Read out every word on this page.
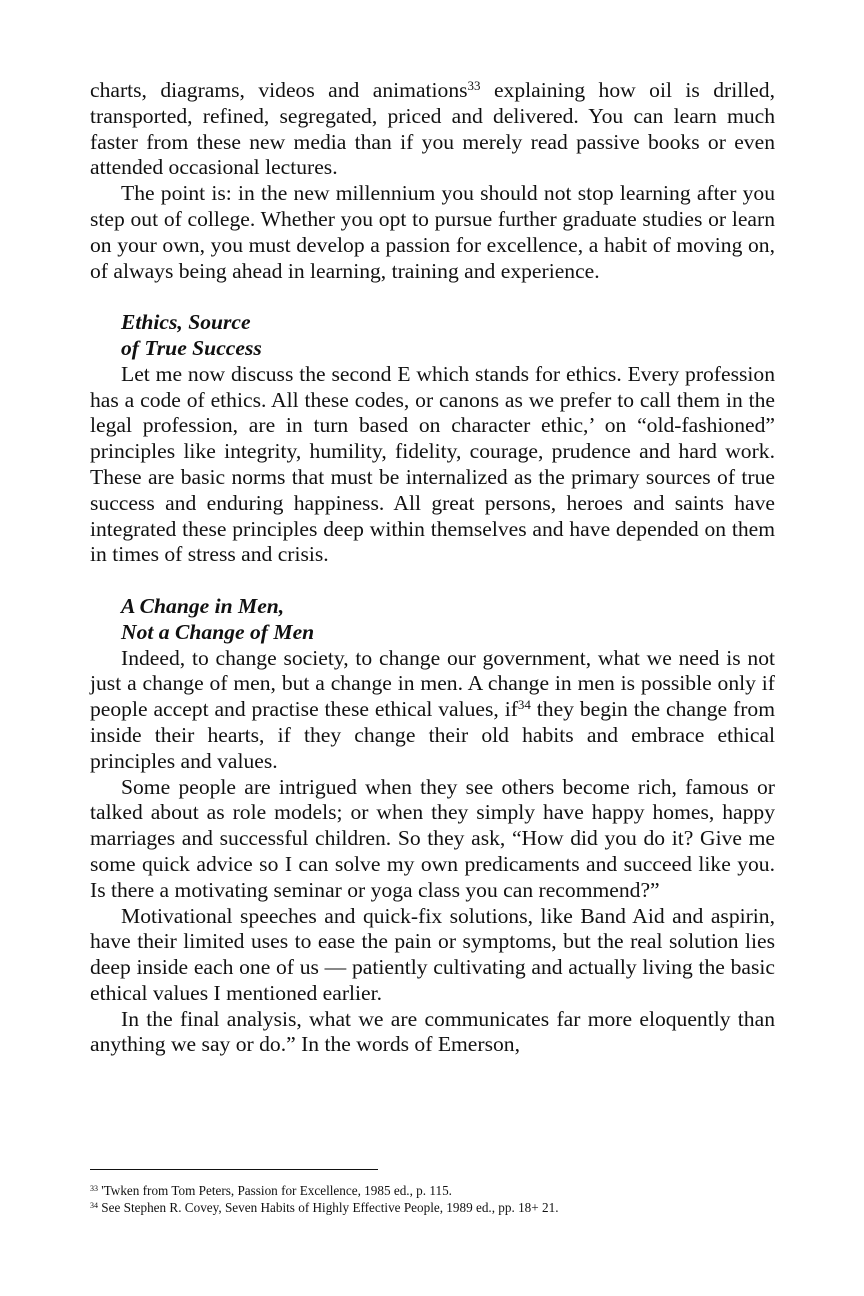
charts, diagrams, videos and animations$^{33}$ explaining how oil is drilled, transported, refined, segregated, priced and delivered. You can learn much faster from these new media than if you merely read passive books or even attended occasional lectures.

The point is: in the new millennium you should not stop learning after you step out of college. Whether you opt to pursue further graduate studies or learn on your own, you must develop a passion for excellence, a habit of moving on, of always being ahead in learning, training and experience.

Ethics, Source

of True Success

Let me now discuss the second E which stands for ethics. Every profession has a code of ethics. All these codes, or canons as we prefer to call them in the legal profession, are in turn based on character ethic,’ on “old-fashioned” principles like integrity, humility, fidelity, courage, prudence and hard work. These are basic norms that must be internalized as the primary sources of true success and enduring happiness. All great persons, heroes and saints have integrated these principles deep within themselves and have depended on them in times of stress and crisis.

A Change in Men,

Not a Change of Men

Indeed, to change society, to change our government, what we need is not just a change of men, but a change in men. A change in men is possible only if people accept and practise these ethical values, if$^{34}$ they begin the change from inside their hearts, if they change their old habits and embrace ethical principles and values.

Some people are intrigued when they see others become rich, famous or talked about as role models; or when they simply have happy homes, happy marriages and successful children. So they ask, “How did you do it? Give me some quick advice so I can solve my own predicaments and succeed like you. Is there a motivating seminar or yoga class you can recommend?”

Motivational speeches and quick-fix solutions, like Band Aid and aspirin, have their limited uses to ease the pain or symptoms, but the real solution lies deep inside each one of us — patiently cultivating and actually living the basic ethical values I mentioned earlier.

In the final analysis, what we are communicates far more eloquently than anything we say or do.” In the words of Emerson,

$^{33}$ 'Twken from Tom Peters, Passion for Excellence, 1985 ed., p. 115.

$^{34}$ See Stephen R. Covey, Seven Habits of Highly Effective People, 1989 ed., pp. 18+ 21.
